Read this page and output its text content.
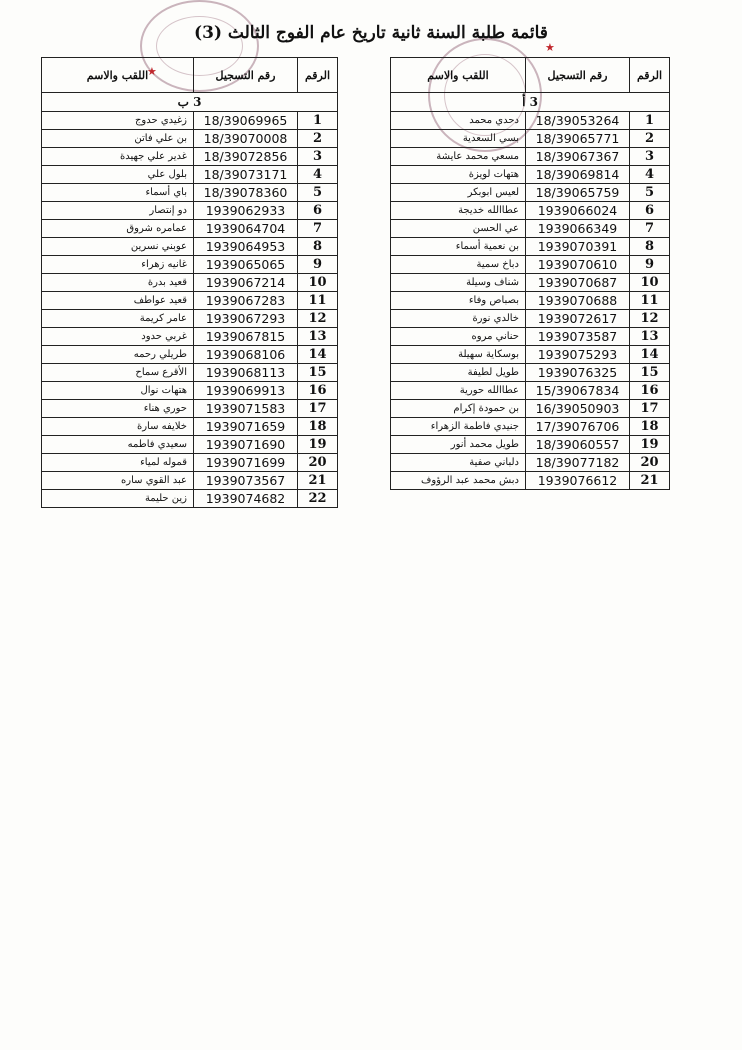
★
★
قائمة طلبة السنة ثانية تاريخ عام الفوج الثالث (3)
3 ب		
الرقم	رقم التسجيل	اللقب والاسم
1	18/39069965	زغيدي حدوج
2	18/39070008	بن علي فاتن
3	18/39072856	غدير علي جهيدة
4	18/39073171	بلول علي
5	18/39078360	باي أسماء
6	1939062933	دو إنتصار
7	1939064704	عمامره شروق
8	1939064953	عوبني نسرين
9	1939065065	غانيه زهراء
10	1939067214	قعيد بدرة
11	1939067283	قعيد عواطف
12	1939067293	عامر كريمة
13	1939067815	غربي حدود
14	1939068106	طريلي رحمه
15	1939068113	الأقرع سماح
16	1939069913	هتهات نوال
17	1939071583	حوري هناء
18	1939071659	خلايفه سارة
19	1939071690	سعيدي فاطمه
20	1939071699	قموله لمياء
21	1939073567	عبد القوي ساره
22	1939074682	زين حليمة
3 أ		
الرقم	رقم التسجيل	اللقب والاسم
1	18/39053264	دحدي محمد
2	18/39065771	بسي السعدية
3	18/39067367	مسعي محمد عايشة
4	18/39069814	هتهات لويزة
5	18/39065759	لعيس ابوبكر
6	1939066024	عطاالله خديجة
7	1939066349	عي الحسن
8	1939070391	بن نعمية أسماء
9	1939070610	دباخ سمية
10	1939070687	شناف وسيلة
11	1939070688	بصباص وفاء
12	1939072617	خالدي نورة
13	1939073587	حناني مروه
14	1939075293	بوسكاية سهيلة
15	1939076325	طويل لطيفة
16	15/39067834	عطاالله حورية
17	16/39050903	بن حمودة إكرام
18	17/39076706	جنيدي فاطمة الزهراء
19	18/39060557	طويل محمد أنور
20	18/39077182	دلباني صفية
21	1939076612	دبش محمد عبد الرؤوف
